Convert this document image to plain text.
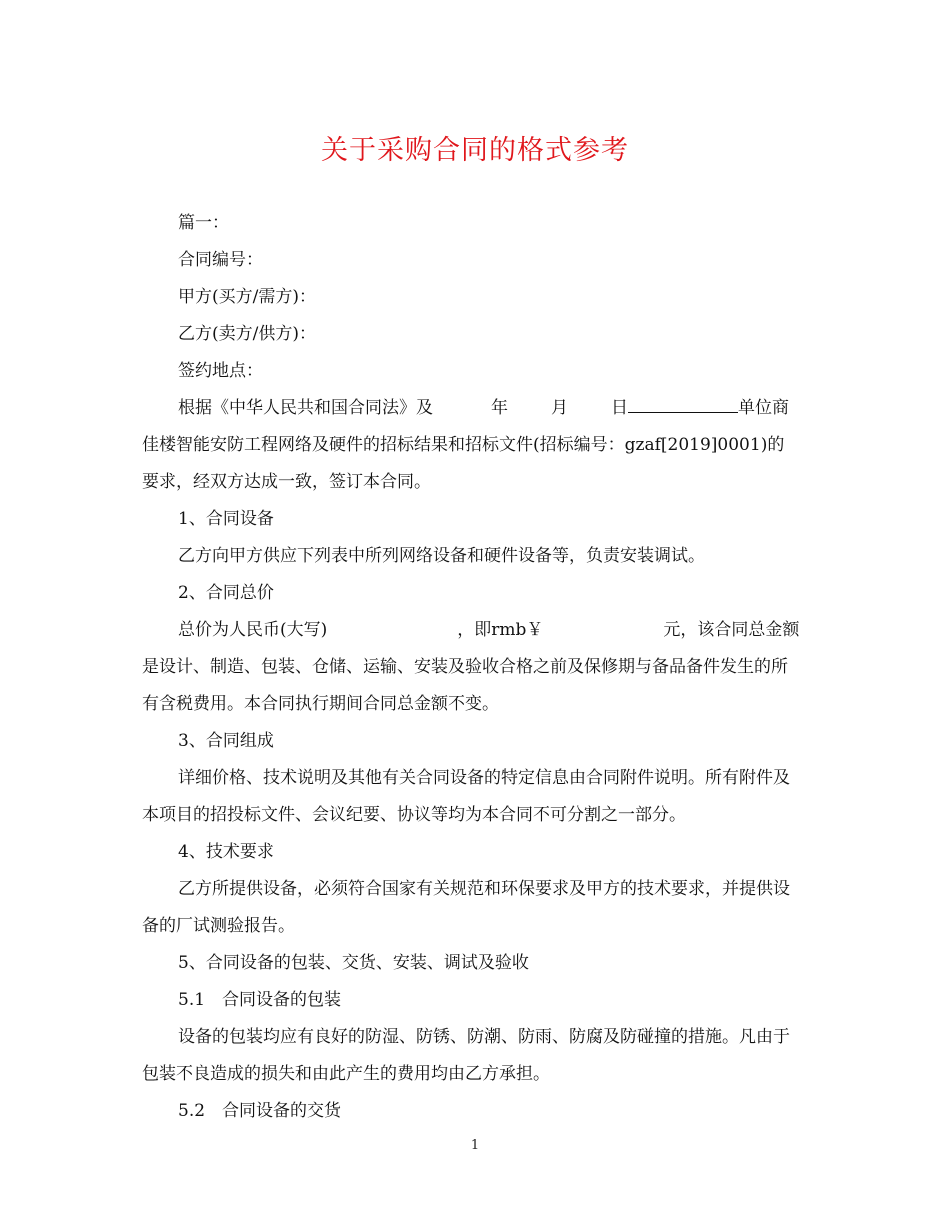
关于采购合同的格式参考

篇一：

合同编号：

甲方(买方/需方)：

乙方(卖方/供方)：

签约地点：

根据《中华人民共和国合同法》及	年	月	日	单位商佳楼智能安防工程网络及硬件的招标结果和招标文件(招标编号：gzaf[2019]0001)的要求，经双方达成一致，签订本合同。

1、合同设备

乙方向甲方供应下列表中所列网络设备和硬件设备等，负责安装调试。

2、合同总价

总价为人民币(大写)	，即rmb￥	元，该合同总金额是设计、制造、包装、仓储、运输、安装及验收合格之前及保修期与备品备件发生的所有含税费用。本合同执行期间合同总金额不变。

3、合同组成

详细价格、技术说明及其他有关合同设备的特定信息由合同附件说明。所有附件及本项目的招投标文件、会议纪要、协议等均为本合同不可分割之一部分。

4、技术要求

乙方所提供设备，必须符合国家有关规范和环保要求及甲方的技术要求，并提供设备的厂试测验报告。

5、合同设备的包装、交货、安装、调试及验收

5.1　合同设备的包装

设备的包装均应有良好的防湿、防锈、防潮、防雨、防腐及防碰撞的措施。凡由于包装不良造成的损失和由此产生的费用均由乙方承担。

5.2　合同设备的交货

1
